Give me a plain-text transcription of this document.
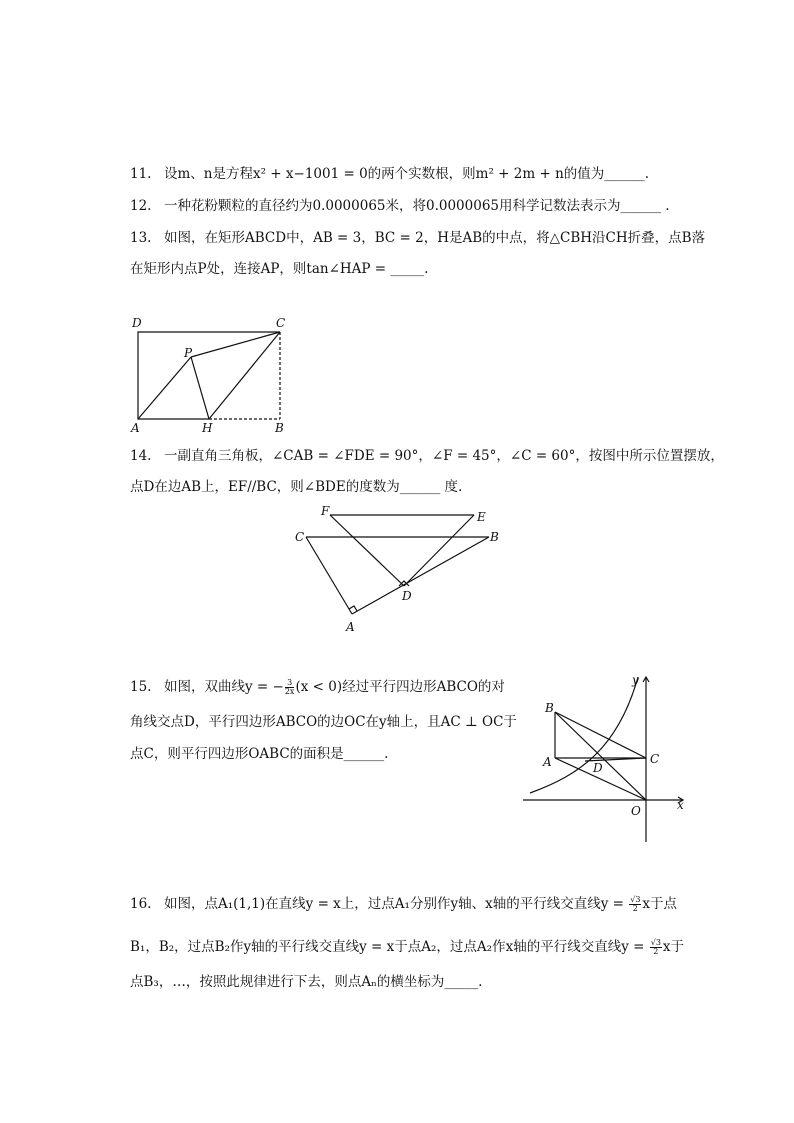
11. 设m、n是方程x² + x−1001 = 0的两个实数根，则m² + 2m + n的值为______.
12. 一种花粉颗粒的直径约为0.0000065米，将0.0000065用科学记数法表示为______ .
13. 如图，在矩形ABCD中，AB = 3，BC = 2，H是AB的中点，将△CBH沿CH折叠，点B落
在矩形内点P处，连接AP，则tan∠HAP = _____.
D	C
P
A	H	B
14. 一副直角三角板，∠CAB = ∠FDE = 90°，∠F = 45°，∠C = 60°，按图中所示位置摆放，
点D在边AB上，EF//BC，则∠BDE的度数为______ 度.
F	E
C	B
D
A
15. 如图，双曲线y = − $\frac{3}{2x} (x < 0)$经过平行四边形ABCO的对
角线交点D，平行四边形ABCO的边OC在y轴上，且AC ⊥ OC于
点C，则平行四边形OABC的面积是______.
y
B
A	D
C
O	x
16. 如图，点A₁(1,1)在直线y = x上，过点A₁分别作y轴、x轴的平行线交直线$y = \frac{√3}{2}$ x于点
B₁，B₂，过点B₂作y轴的平行线交直线y = x于点A₂，过点A₂作x轴的平行线交直线$y = \frac{√3}{2}$ x于
点B₃，…，按照此规律进行下去，则点Aₙ的横坐标为_____.
